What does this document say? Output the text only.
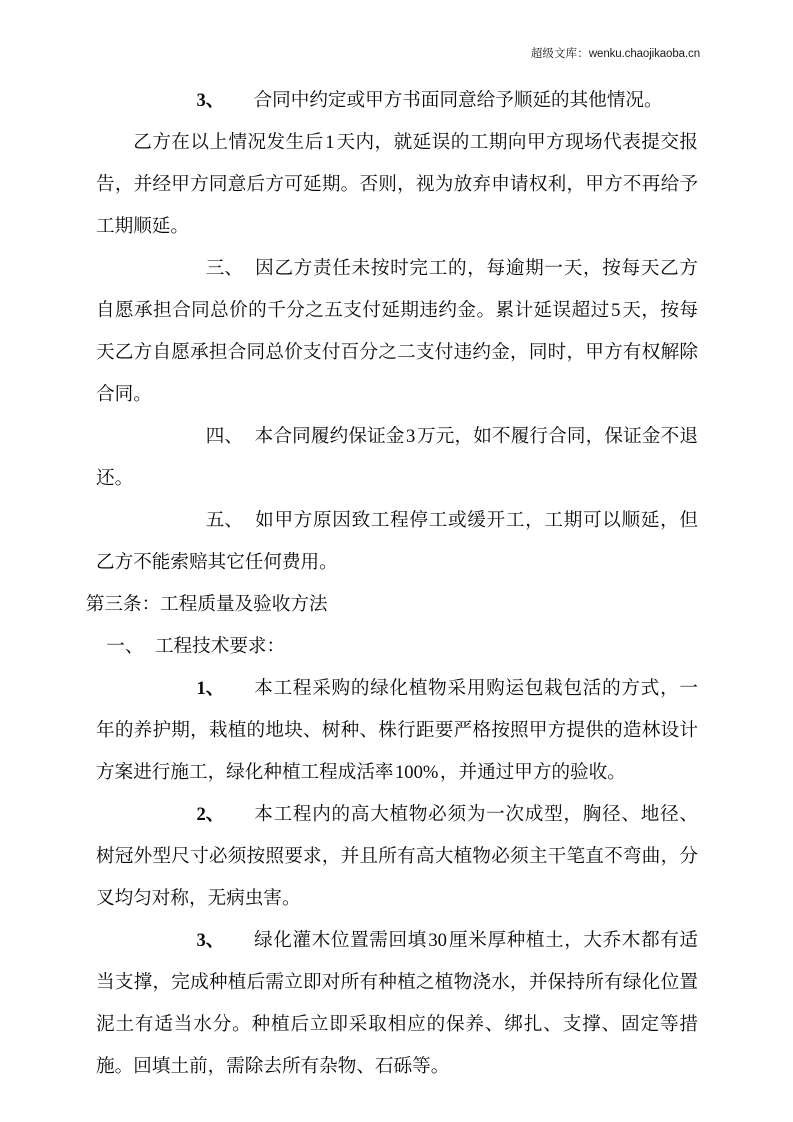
超级文库：wenku.chaojikaoba.cn

3、 合同中约定或甲方书面同意给予顺延的其他情况。

乙方在以上情况发生后1天内，就延误的工期向甲方现场代表提交报告，并经甲方同意后方可延期。否则，视为放弃申请权利，甲方不再给予工期顺延。

三、 因乙方责任未按时完工的，每逾期一天，按每天乙方自愿承担合同总价的千分之五支付延期违约金。累计延误超过5天，按每天乙方自愿承担合同总价支付百分之二支付违约金，同时，甲方有权解除合同。

四、 本合同履约保证金3万元，如不履行合同，保证金不退还。

五、 如甲方原因致工程停工或缓开工，工期可以顺延，但乙方不能索赔其它任何费用。

第三条：工程质量及验收方法

一、 工程技术要求：

1、 本工程采购的绿化植物采用购运包栽包活的方式，一年的养护期，栽植的地块、树种、株行距要严格按照甲方提供的造林设计方案进行施工，绿化种植工程成活率100%，并通过甲方的验收。

2、 本工程内的高大植物必须为一次成型，胸径、地径、树冠外型尺寸必须按照要求，并且所有高大植物必须主干笔直不弯曲，分叉均匀对称，无病虫害。

3、 绿化灌木位置需回填30厘米厚种植土，大乔木都有适当支撑，完成种植后需立即对所有种植之植物浇水，并保持所有绿化位置泥土有适当水分。种植后立即采取相应的保养、绑扎、支撑、固定等措施。回填土前，需除去所有杂物、石砾等。
